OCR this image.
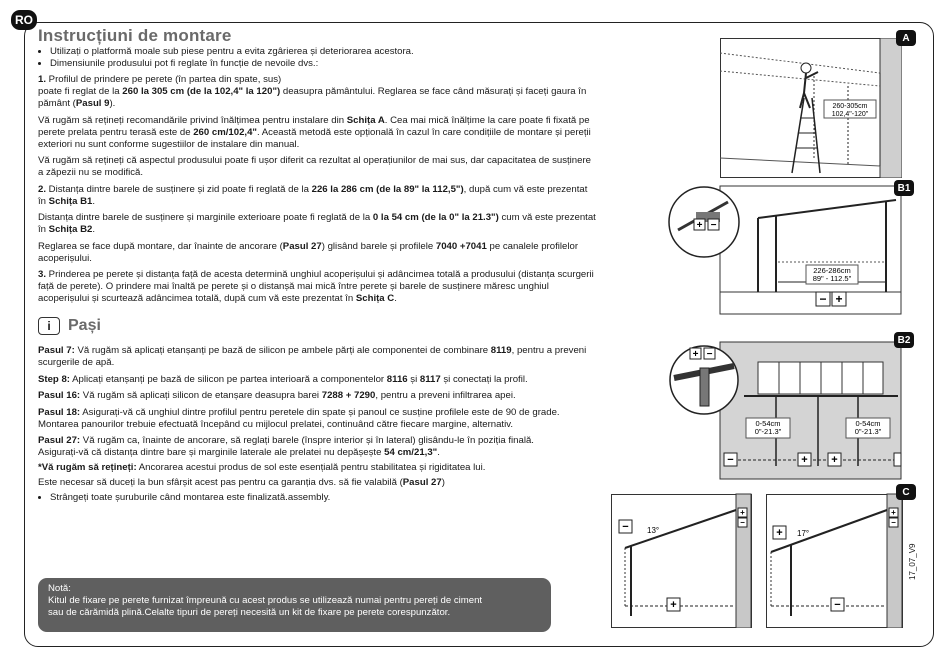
RO
Instrucțiuni de montare
• Utilizați o platformă moale sub piese pentru a evita zgârierea și deteriorarea acestora.
• Dimensiunile produsului pot fi reglate în funcție de nevoile dvs.:

1. Profilul de prindere pe perete (în partea din spate, sus)
poate fi reglat de la 260 la 305 cm (de la 102,4" la 120") deasupra pământului. Reglarea se face când măsurați și faceți gaura în pământ (Pasul 9).

Vă rugăm să rețineți recomandările privind înălțimea pentru instalare din Schița A. Cea mai mică înălțime la care poate fi fixată pe perete prelata pentru terasă este de 260 cm/102,4". Această metodă este opțională în cazul în care condițiile de montare și pereții exteriori nu sunt conforme sugestiilor de instalare din manual.

Vă rugăm să rețineți că aspectul produsului poate fi ușor diferit ca rezultat al operațiunilor de mai sus, dar capacitatea de susținere a zăpezii nu se modifică.

2. Distanța dintre barele de susținere și zid poate fi reglată de la 226 la 286 cm (de la 89" la 112,5"), după cum vă este prezentat în Schița B1.

Distanța dintre barele de susținere și marginile exterioare poate fi reglată de la 0 la 54 cm (de la 0" la 21.3") cum vă este prezentat în Schița B2.

Reglarea se face după montare, dar înainte de ancorare (Pasul 27) glisând barele și profilele 7040 +7041 pe canalele profilelor acoperișului.

3. Prinderea pe perete și distanța față de acesta determină unghiul acoperișului și adâncimea totală a produsului (distanța scurgerii față de perete). O prindere mai înaltă pe perete și o distanșă mai mică între perete și barele de susținere măresc unghiul acoperișului și scurtează adâncimea totală, după cum vă este prezentat în Schița C.

i	Pași

Pasul 7: Vă rugăm să aplicați etanșanți pe bază de silicon pe ambele părți ale componentei de combinare 8119, pentru a preveni scurgerile de apă.

Step 8: Aplicați etanșanți pe bază de silicon pe partea interioară a componentelor 8116 și 8117 și conectați la profil.

Pasul 16: Vă rugăm să aplicați silicon de etanșare deasupra barei 7288 + 7290, pentru a preveni infiltrarea apei.

Pasul 18: Asigurați-vă că unghiul dintre profilul pentru peretele din spate și panoul ce susține profilele este de 90 de grade. Montarea panourilor trebuie efectuată începând cu mijlocul prelatei, continuând către fiecare margine, alternativ.

Pasul 27: Vă rugăm ca, înainte de ancorare, să reglați barele (înspre interior și în lateral) glisându-le în poziția finală.
Asigurați-vă că distanța dintre bare și marginile laterale ale prelatei nu depășește 54 cm/21,3".

*Vă rugăm să rețineți: Ancorarea acestui produs de sol este esențială pentru stabilitatea și rigiditatea lui.

Este necesar să duceți la bun sfârșit acest pas pentru ca garanția dvs. să fie valabilă (Pasul 27)

• Strângeți toate șuruburile când montarea este finalizată.assembly.
Notă:
Kitul de fixare pe perete furnizat împreună cu acest produs se utilizează numai pentru pereți de ciment
sau de cărămidă plină.Celalte tipuri de pereți necesită un kit de fixare pe perete corespunzător.
17_07_V9
260-305cm
102,4"-120"
A
226-286cm
89" - 112.5"
+ −
− +
B1
0-54cm
0"-21.3"
0-54cm
0"-21.3"
−	+ +
+ −
B2
− 13°
+
+
−
+ 17°
−
+
−
C
